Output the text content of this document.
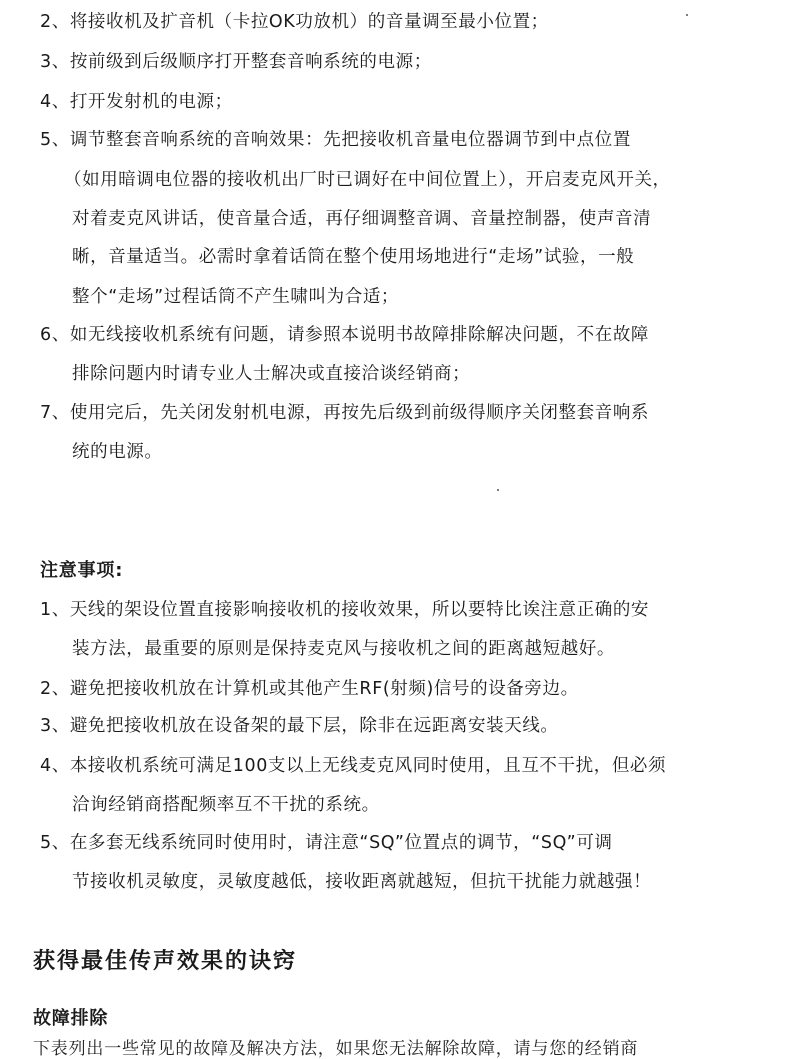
2、将接收机及扩音机（卡拉OK功放机）的音量调至最小位置；
3、按前级到后级顺序打开整套音响系统的电源；
4、打开发射机的电源；
5、调节整套音响系统的音响效果：先把接收机音量电位器调节到中点位置
（如用暗调电位器的接收机出厂时已调好在中间位置上），开启麦克风开关，
对着麦克风讲话，使音量合适，再仔细调整音调、音量控制器，使声音清
晰，音量适当。必需时拿着话筒在整个使用场地进行“走场”试验，一般
整个“走场”过程话筒不产生啸叫为合适；
6、如无线接收机系统有问题，请参照本说明书故障排除解决问题，不在故障
排除问题内时请专业人士解决或直接洽谈经销商；
7、使用完后，先关闭发射机电源，再按先后级到前级得顺序关闭整套音响系
统的电源。
注意事项:
1、天线的架设位置直接影响接收机的接收效果，所以要特比诶注意正确的安
装方法，最重要的原则是保持麦克风与接收机之间的距离越短越好。
2、避免把接收机放在计算机或其他产生RF(射频)信号的设备旁边。
3、避免把接收机放在设备架的最下层，除非在远距离安装天线。
4、本接收机系统可满足100支以上无线麦克风同时使用，且互不干扰，但必须
洽询经销商搭配频率互不干扰的系统。
5、在多套无线系统同时使用时，请注意“SQ”位置点的调节，“SQ”可调
节接收机灵敏度，灵敏度越低，接收距离就越短，但抗干扰能力就越强！
获得最佳传声效果的诀窍
故障排除
下表列出一些常见的故障及解决方法，如果您无法解除故障，请与您的经销商
